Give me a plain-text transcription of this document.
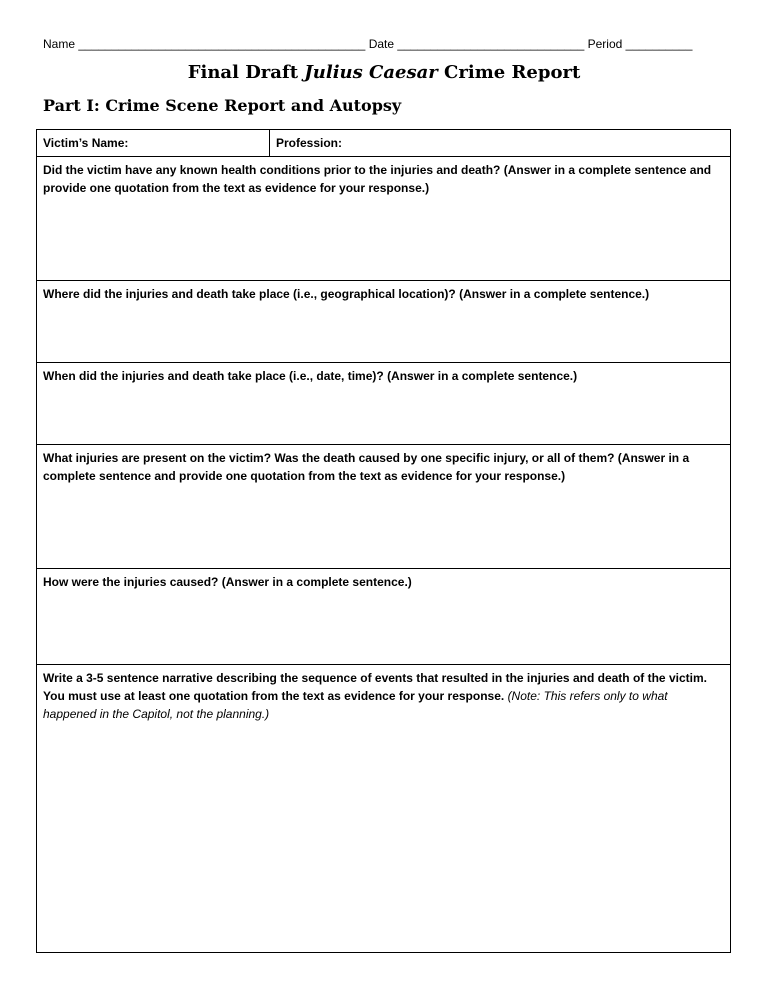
Name ___________________________________________ Date ____________________________ Period __________
Final Draft Julius Caesar Crime Report
Part I: Crime Scene Report and Autopsy
Victim’s Name:	Profession:
Did the victim have any known health conditions prior to the injuries and death? (Answer in a complete sentence and provide one quotation from the text as evidence for your response.)
Where did the injuries and death take place (i.e., geographical location)? (Answer in a complete sentence.)
When did the injuries and death take place (i.e., date, time)? (Answer in a complete sentence.)
What injuries are present on the victim? Was the death caused by one specific injury, or all of them? (Answer in a complete sentence and provide one quotation from the text as evidence for your response.)
How were the injuries caused? (Answer in a complete sentence.)
Write a 3-5 sentence narrative describing the sequence of events that resulted in the injuries and death of the victim. You must use at least one quotation from the text as evidence for your response. (Note: This refers only to what happened in the Capitol, not the planning.)
